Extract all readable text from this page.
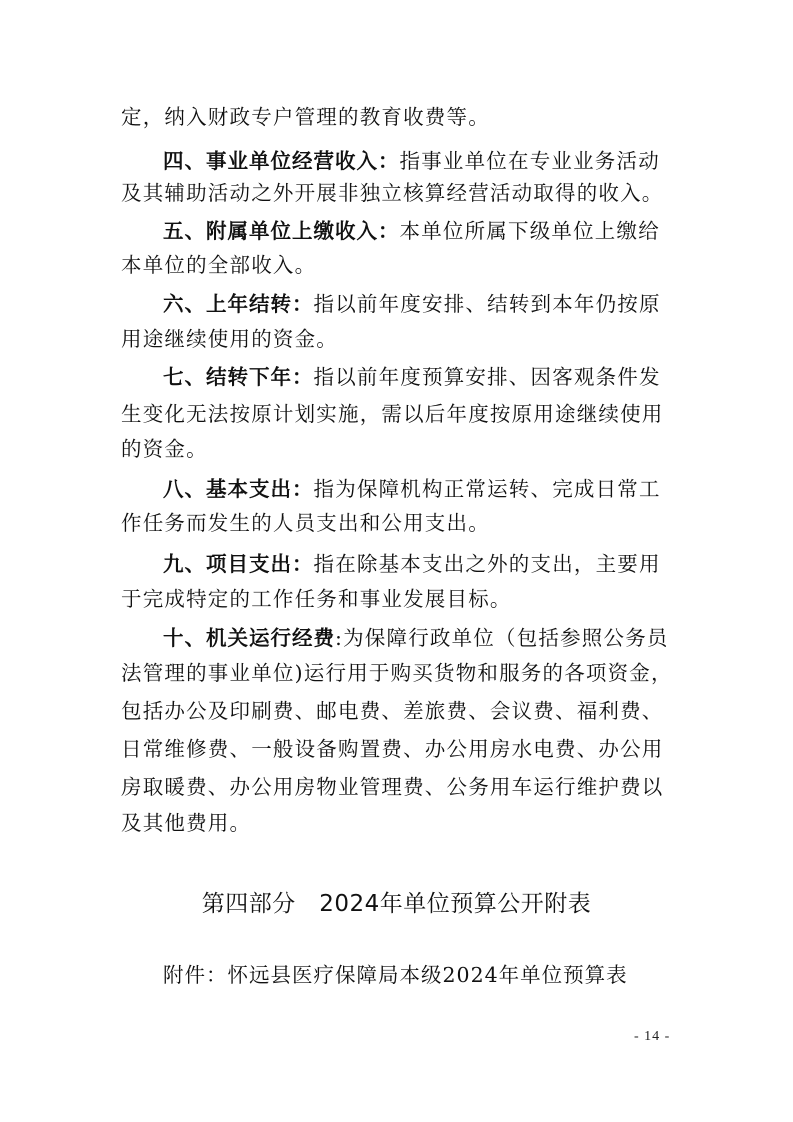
定，纳入财政专户管理的教育收费等。
四、事业单位经营收入：指事业单位在专业业务活动
及其辅助活动之外开展非独立核算经营活动取得的收入。
五、附属单位上缴收入：本单位所属下级单位上缴给
本单位的全部收入。
六、上年结转：指以前年度安排、结转到本年仍按原
用途继续使用的资金。
七、结转下年：指以前年度预算安排、因客观条件发
生变化无法按原计划实施，需以后年度按原用途继续使用
的资金。
八、基本支出：指为保障机构正常运转、完成日常工
作任务而发生的人员支出和公用支出。
九、项目支出：指在除基本支出之外的支出，主要用
于完成特定的工作任务和事业发展目标。
十、机关运行经费:为保障行政单位（包括参照公务员
法管理的事业单位)运行用于购买货物和服务的各项资金，
包括办公及印刷费、邮电费、差旅费、会议费、福利费、
日常维修费、一般设备购置费、办公用房水电费、办公用
房取暖费、办公用房物业管理费、公务用车运行维护费以
及其他费用。
第四部分　2024年单位预算公开附表
附件：怀远县医疗保障局本级2024年单位预算表
- 14 -
